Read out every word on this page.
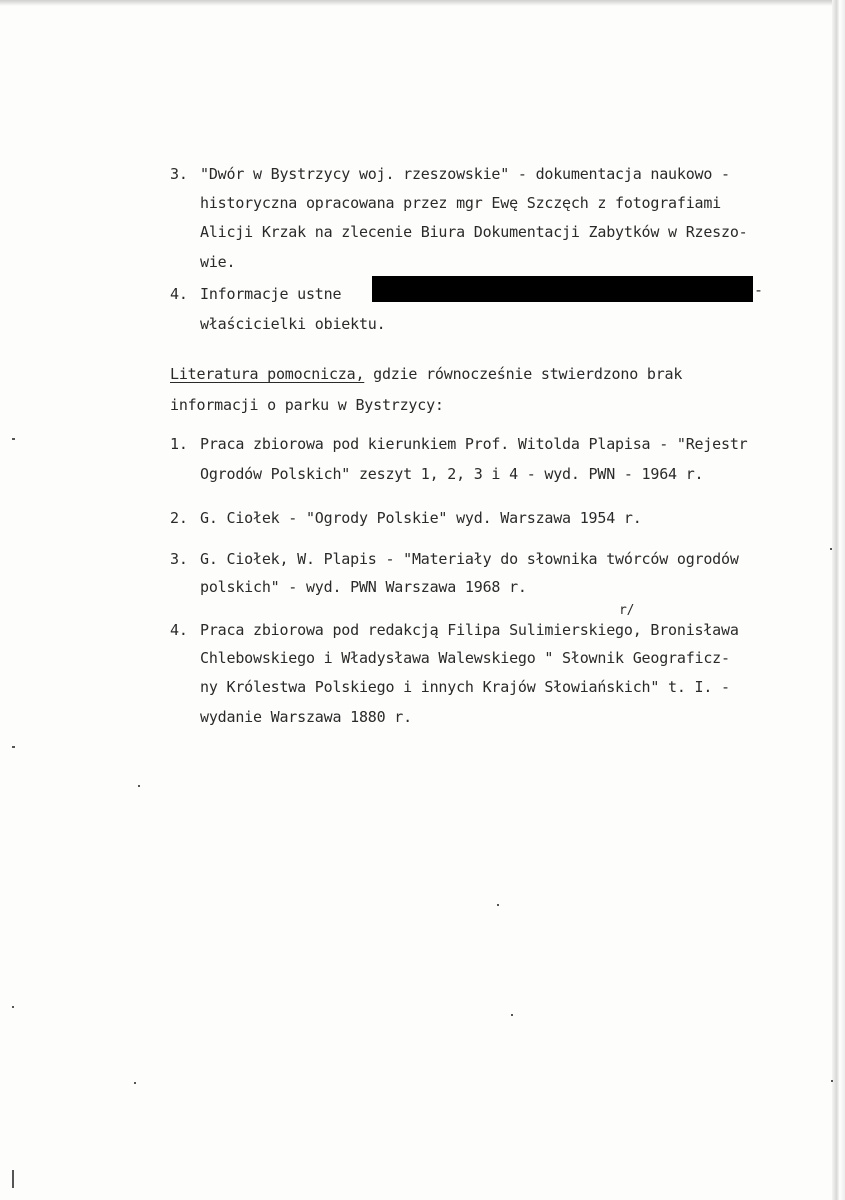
3. "Dwór w Bystrzycy woj. rzeszowskie" - dokumentacja naukowo -
historyczna opracowana przez mgr Ewę Szczęch z fotografiami
Alicji Krzak na zlecenie Biura Dokumentacji Zabytków w Rzeszo-
wie.
4. Informacje ustne	-
właścicielki obiektu.
Literatura pomocnicza, gdzie równocześnie stwierdzono brak
informacji o parku w Bystrzycy:
1. Praca zbiorowa pod kierunkiem Prof. Witolda Plapisa - "Rejestr
Ogrodów Polskich" zeszyt 1, 2, 3 i 4 - wyd. PWN - 1964 r.
2. G. Ciołek - "Ogrody Polskie" wyd. Warszawa 1954 r.
3. G. Ciołek, W. Plapis - "Materiały do słownika twórców ogrodów
polskich" - wyd. PWN Warszawa 1968 r.
r/
4. Praca zbiorowa pod redakcją Filipa Sulimierskiego, Bronisława
Chlebowskiego i Władysława Walewskiego " Słownik Geograficz-
ny Królestwa Polskiego i innych Krajów Słowiańskich" t. I. -
wydanie Warszawa 1880 r.
